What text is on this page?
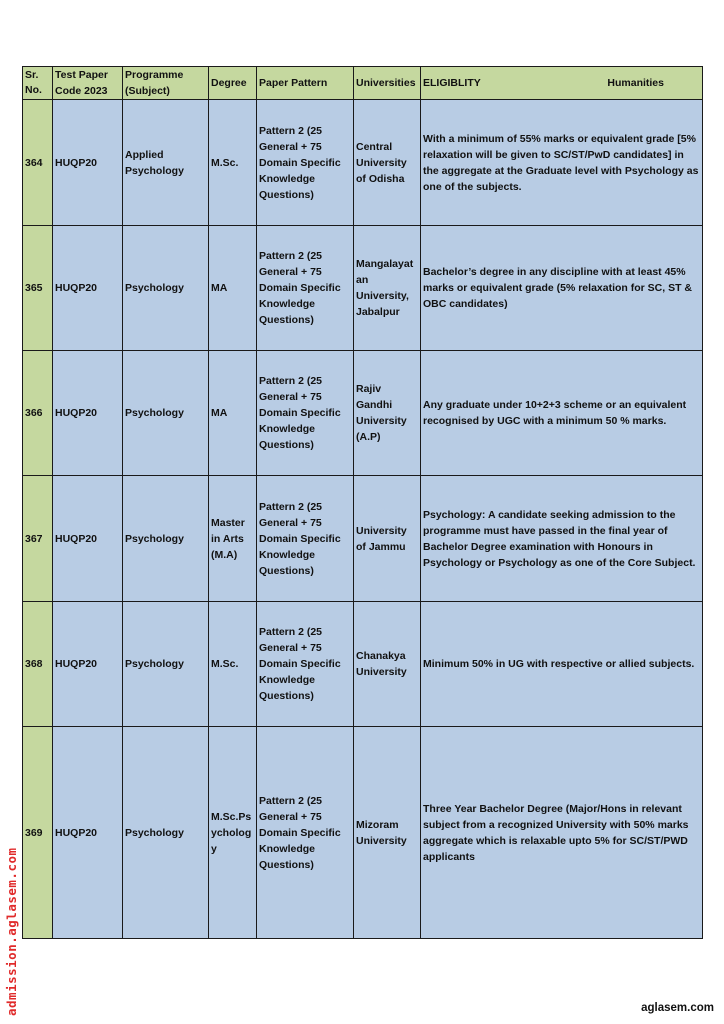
Sr. No.	Test Paper Code 2023	Programme (Subject)	Degree	Paper Pattern	Universities	ELIGIBLITY Humanities

364	HUQP20	Applied Psychology	M.Sc.	Pattern 2 (25 General + 75 Domain Specific Knowledge Questions)	Central University of Odisha	With a minimum of 55% marks or equivalent grade [5% relaxation will be given to SC/ST/PwD candidates] in the aggregate at the Graduate level with Psychology as one of the subjects.
365	HUQP20	Psychology	MA	Pattern 2 (25 General + 75 Domain Specific Knowledge Questions)	Mangalayatan University, Jabalpur	Bachelor’s degree in any discipline with at least 45% marks or equivalent grade (5% relaxation for SC, ST & OBC candidates)
366	HUQP20	Psychology	MA	Pattern 2 (25 General + 75 Domain Specific Knowledge Questions)	Rajiv Gandhi University (A.P)	Any graduate under 10+2+3 scheme or an equivalent recognised by UGC with a minimum 50 % marks.
367	HUQP20	Psychology	Master in Arts (M.A)	Pattern 2 (25 General + 75 Domain Specific Knowledge Questions)	University of Jammu	Psychology: A candidate seeking admission to the programme must have passed in the final year of Bachelor Degree examination with Honours in Psychology or Psychology as one of the Core Subject.
368	HUQP20	Psychology	M.Sc.	Pattern 2 (25 General + 75 Domain Specific Knowledge Questions)	Chanakya University	Minimum 50% in UG with respective or allied subjects.
369	HUQP20	Psychology	M.Sc.Psychology	Pattern 2 (25 General + 75 Domain Specific Knowledge Questions)	Mizoram University	Three Year Bachelor Degree (Major/Hons in relevant subject from a recognized University with 50% marks aggregate which is relaxable upto 5% for SC/ST/PWD applicants
admission.aglasem.com	aglasem.com
